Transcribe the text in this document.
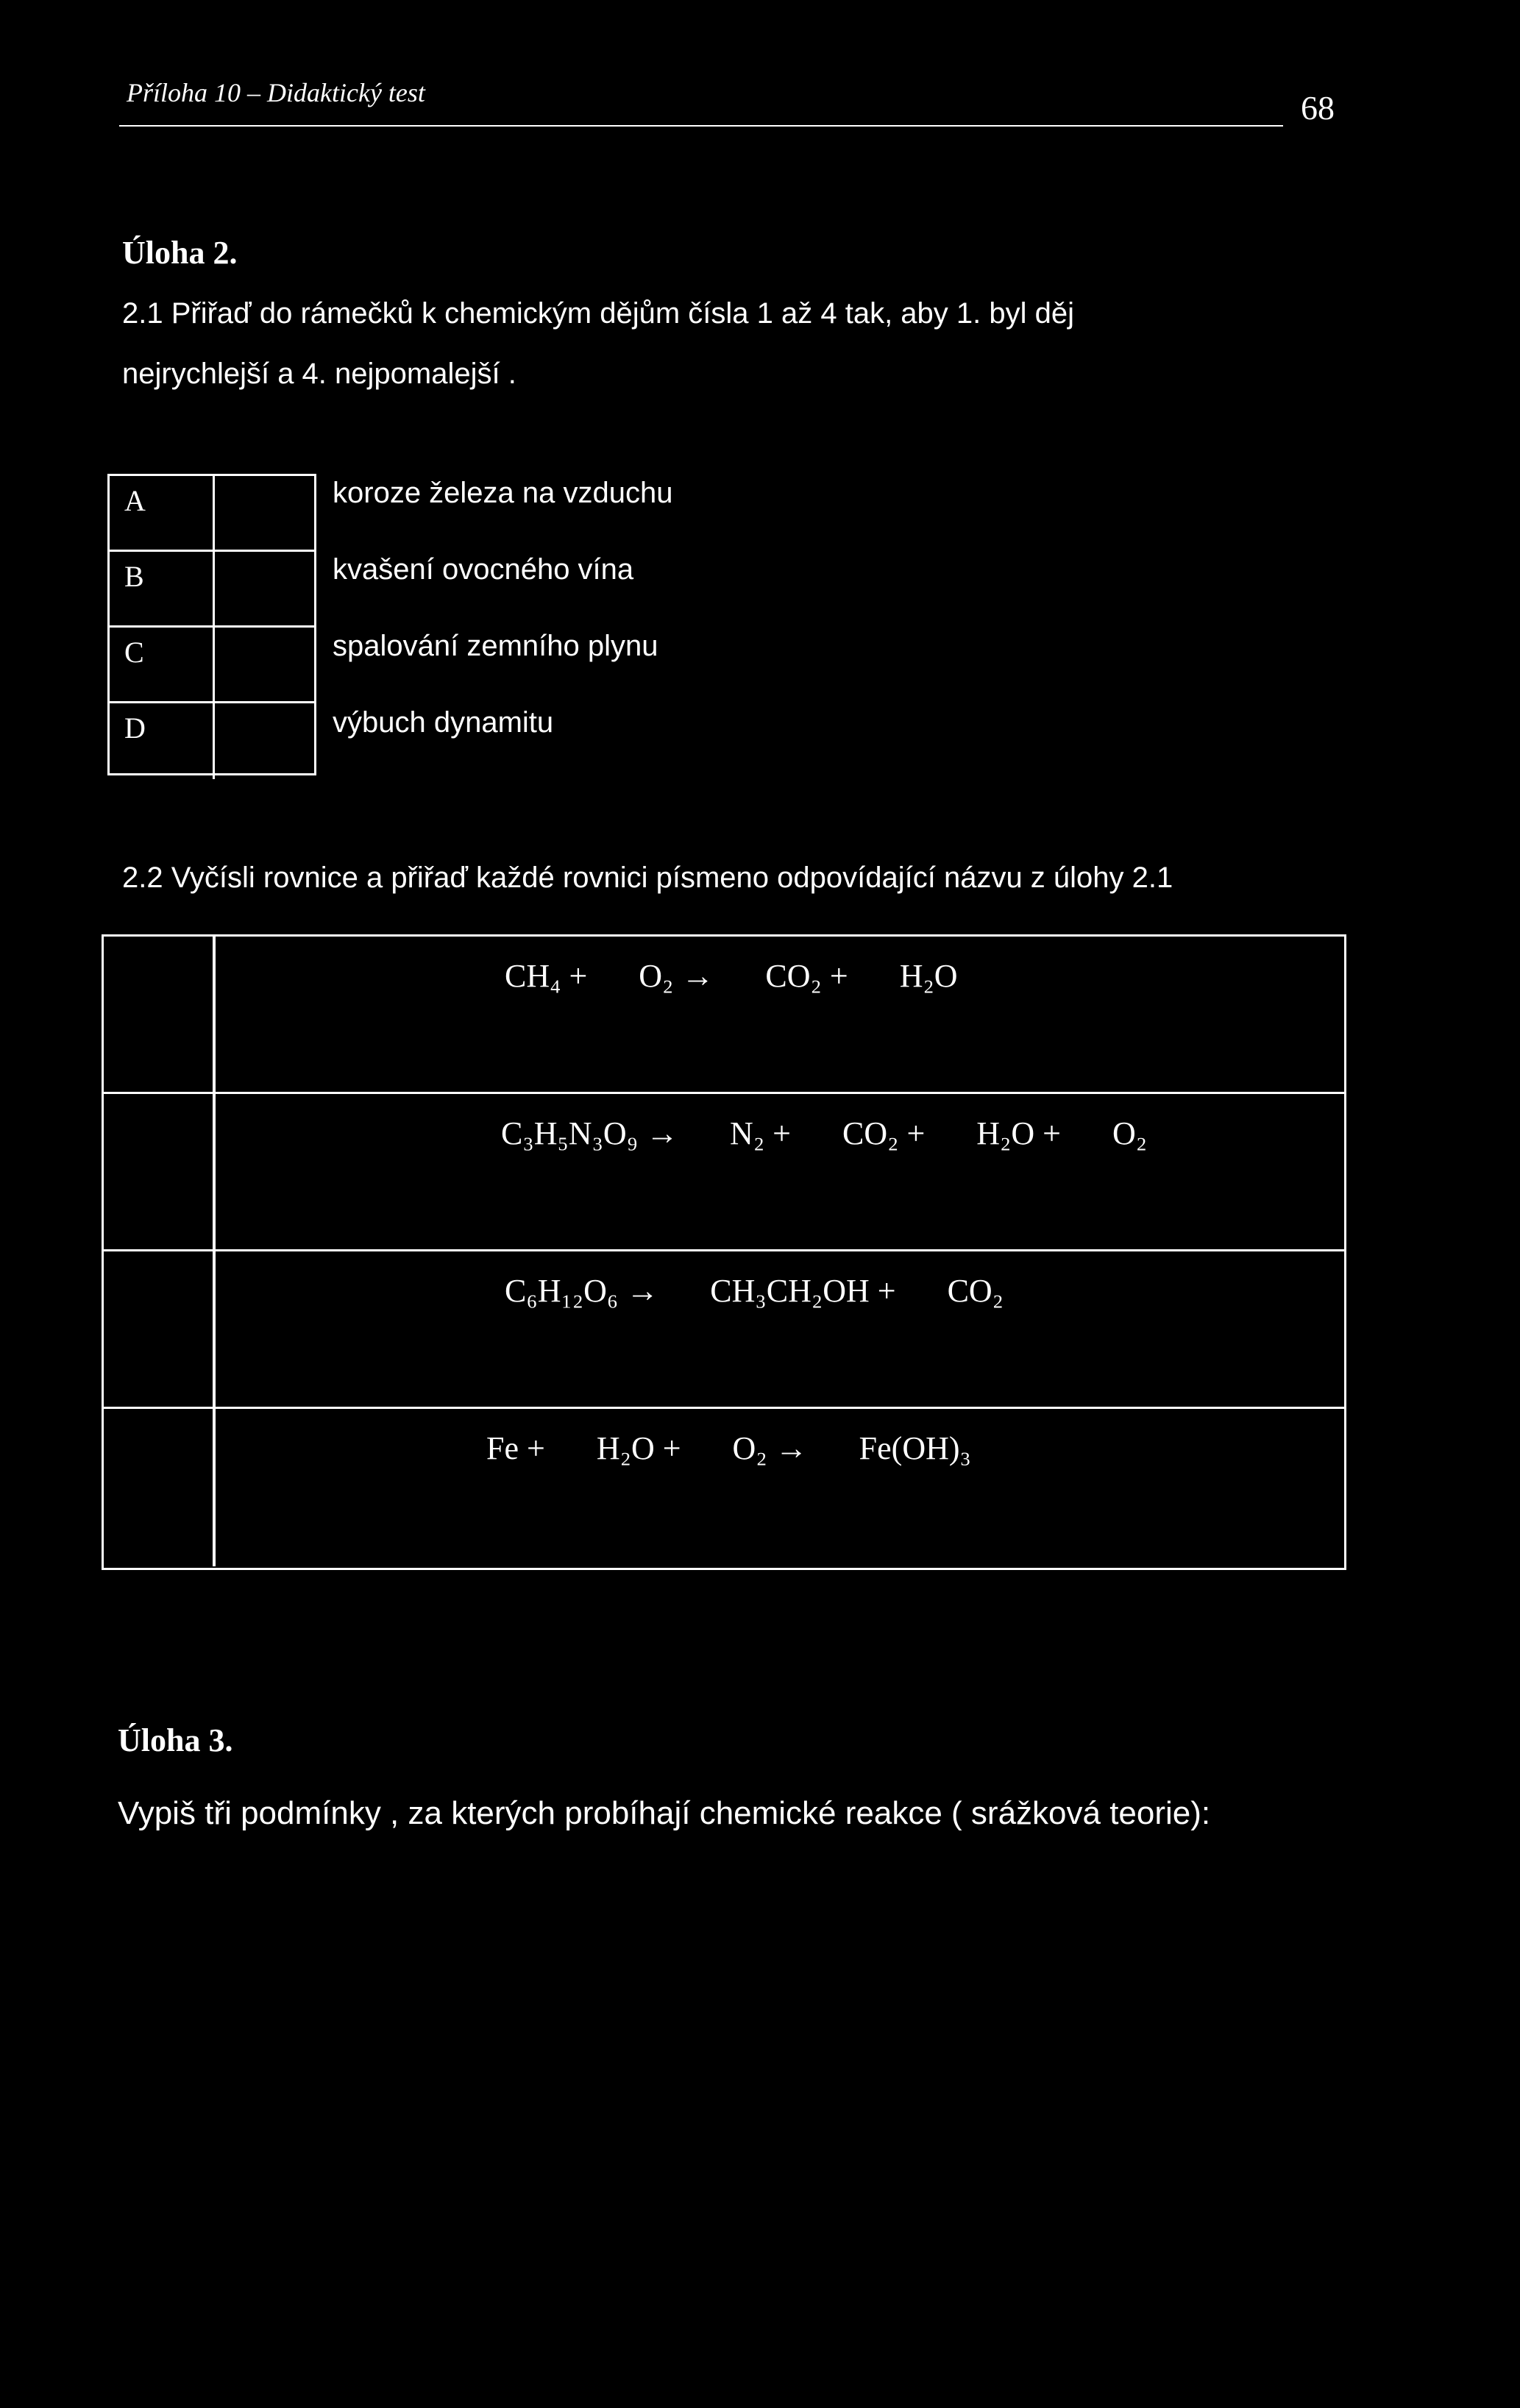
Příloha 10 – Didaktický test	68
Úloha 2.
2.1 Přiřaď do rámečků k chemickým dějům čísla 1 až 4 tak, aby 1. byl děj
nejrychlejší a 4. nejpomalejší .
A
B
C
D
koroze železa na vzduchu
kvašení ovocného vína
spalování zemního plynu
výbuch dynamitu
2.2 Vyčísli rovnice a přiřaď každé rovnici písmeno odpovídající názvu z úlohy 2.1
CH₄ + O₂ → CO₂ + H₂O
C₃H₅N₃O₉ → N₂ + CO₂ + H₂O + O₂
C₆H₁₂O₆ → CH₃CH₂OH + CO₂
Fe + H₂O + O₂ → Fe(OH)₃
Úloha 3.
Vypiš tři podmínky , za kterých probíhají chemické reakce ( srážková teorie):
